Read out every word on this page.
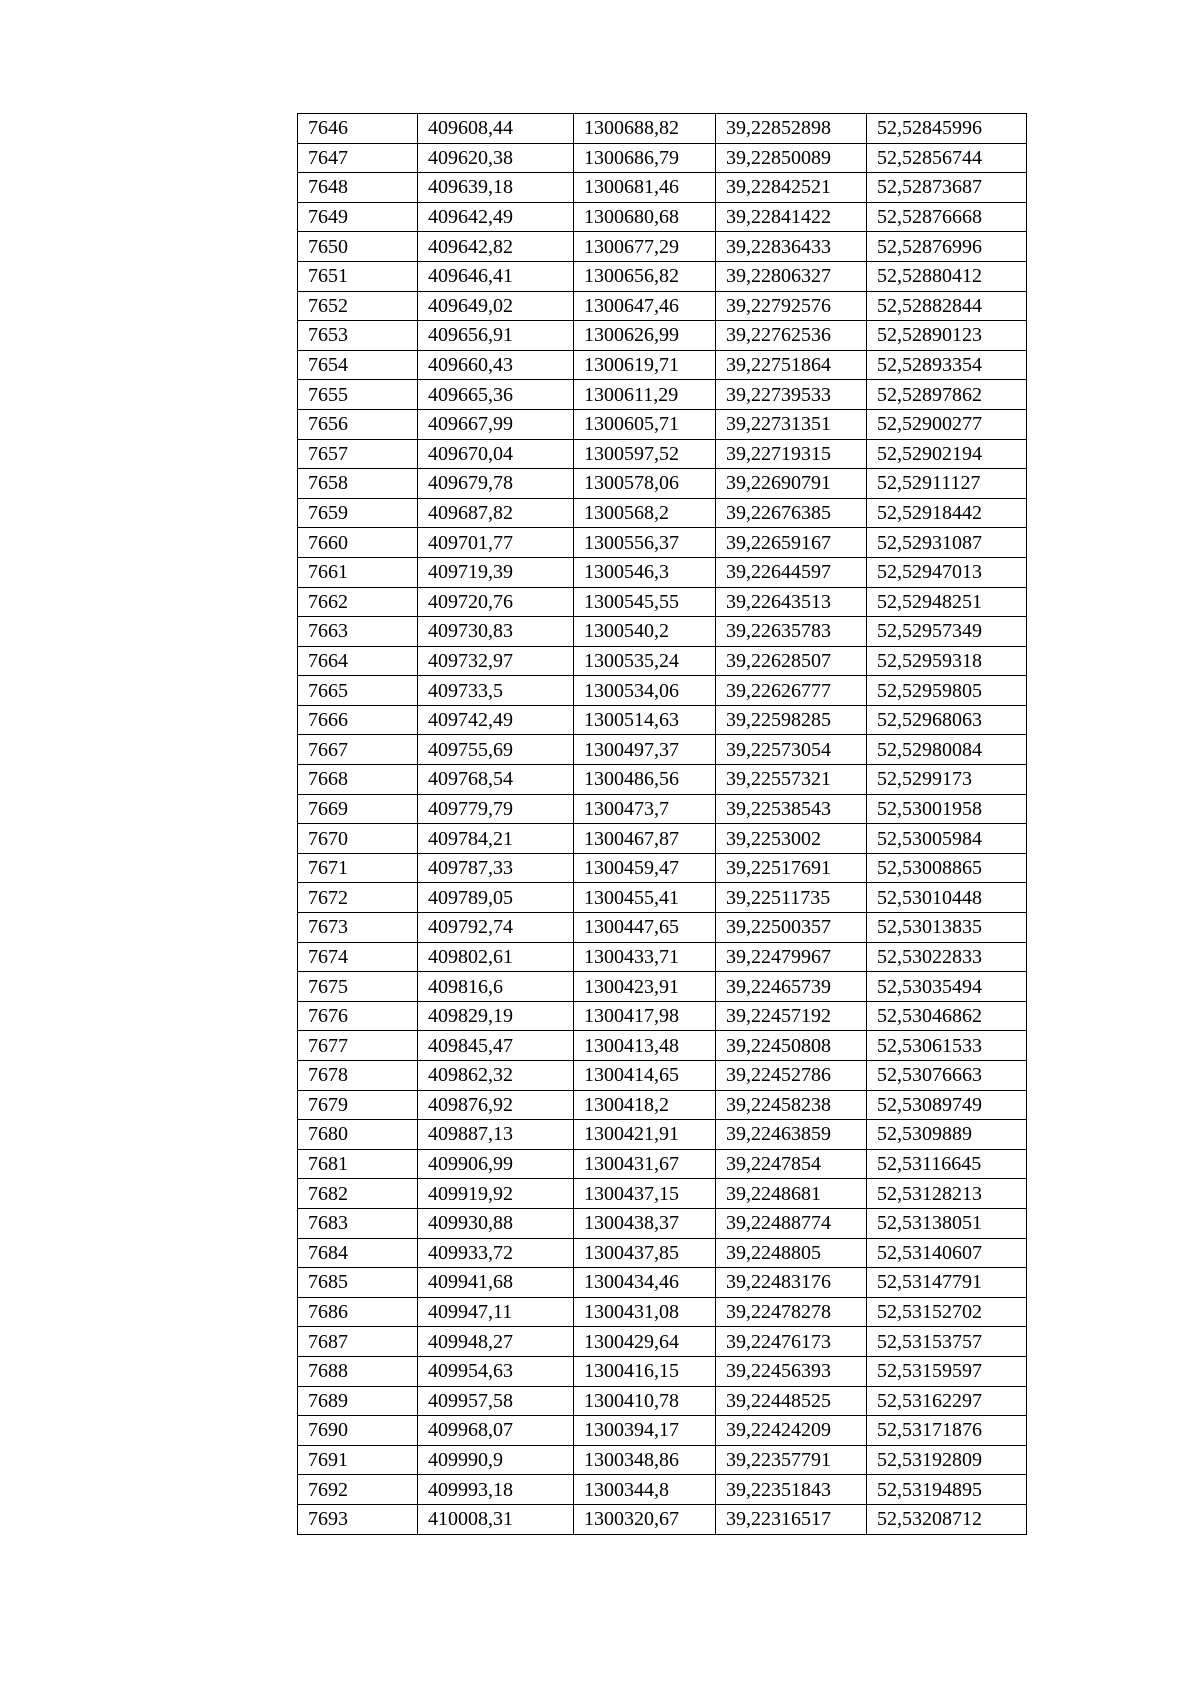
7646	409608,44	1300688,82	39,22852898	52,52845996
7647	409620,38	1300686,79	39,22850089	52,52856744
7648	409639,18	1300681,46	39,22842521	52,52873687
7649	409642,49	1300680,68	39,22841422	52,52876668
7650	409642,82	1300677,29	39,22836433	52,52876996
7651	409646,41	1300656,82	39,22806327	52,52880412
7652	409649,02	1300647,46	39,22792576	52,52882844
7653	409656,91	1300626,99	39,22762536	52,52890123
7654	409660,43	1300619,71	39,22751864	52,52893354
7655	409665,36	1300611,29	39,22739533	52,52897862
7656	409667,99	1300605,71	39,22731351	52,52900277
7657	409670,04	1300597,52	39,22719315	52,52902194
7658	409679,78	1300578,06	39,22690791	52,52911127
7659	409687,82	1300568,2	39,22676385	52,52918442
7660	409701,77	1300556,37	39,22659167	52,52931087
7661	409719,39	1300546,3	39,22644597	52,52947013
7662	409720,76	1300545,55	39,22643513	52,52948251
7663	409730,83	1300540,2	39,22635783	52,52957349
7664	409732,97	1300535,24	39,22628507	52,52959318
7665	409733,5	1300534,06	39,22626777	52,52959805
7666	409742,49	1300514,63	39,22598285	52,52968063
7667	409755,69	1300497,37	39,22573054	52,52980084
7668	409768,54	1300486,56	39,22557321	52,5299173
7669	409779,79	1300473,7	39,22538543	52,53001958
7670	409784,21	1300467,87	39,2253002	52,53005984
7671	409787,33	1300459,47	39,22517691	52,53008865
7672	409789,05	1300455,41	39,22511735	52,53010448
7673	409792,74	1300447,65	39,22500357	52,53013835
7674	409802,61	1300433,71	39,22479967	52,53022833
7675	409816,6	1300423,91	39,22465739	52,53035494
7676	409829,19	1300417,98	39,22457192	52,53046862
7677	409845,47	1300413,48	39,22450808	52,53061533
7678	409862,32	1300414,65	39,22452786	52,53076663
7679	409876,92	1300418,2	39,22458238	52,53089749
7680	409887,13	1300421,91	39,22463859	52,5309889
7681	409906,99	1300431,67	39,2247854	52,53116645
7682	409919,92	1300437,15	39,2248681	52,53128213
7683	409930,88	1300438,37	39,22488774	52,53138051
7684	409933,72	1300437,85	39,2248805	52,53140607
7685	409941,68	1300434,46	39,22483176	52,53147791
7686	409947,11	1300431,08	39,22478278	52,53152702
7687	409948,27	1300429,64	39,22476173	52,53153757
7688	409954,63	1300416,15	39,22456393	52,53159597
7689	409957,58	1300410,78	39,22448525	52,53162297
7690	409968,07	1300394,17	39,22424209	52,53171876
7691	409990,9	1300348,86	39,22357791	52,53192809
7692	409993,18	1300344,8	39,22351843	52,53194895
7693	410008,31	1300320,67	39,22316517	52,53208712
